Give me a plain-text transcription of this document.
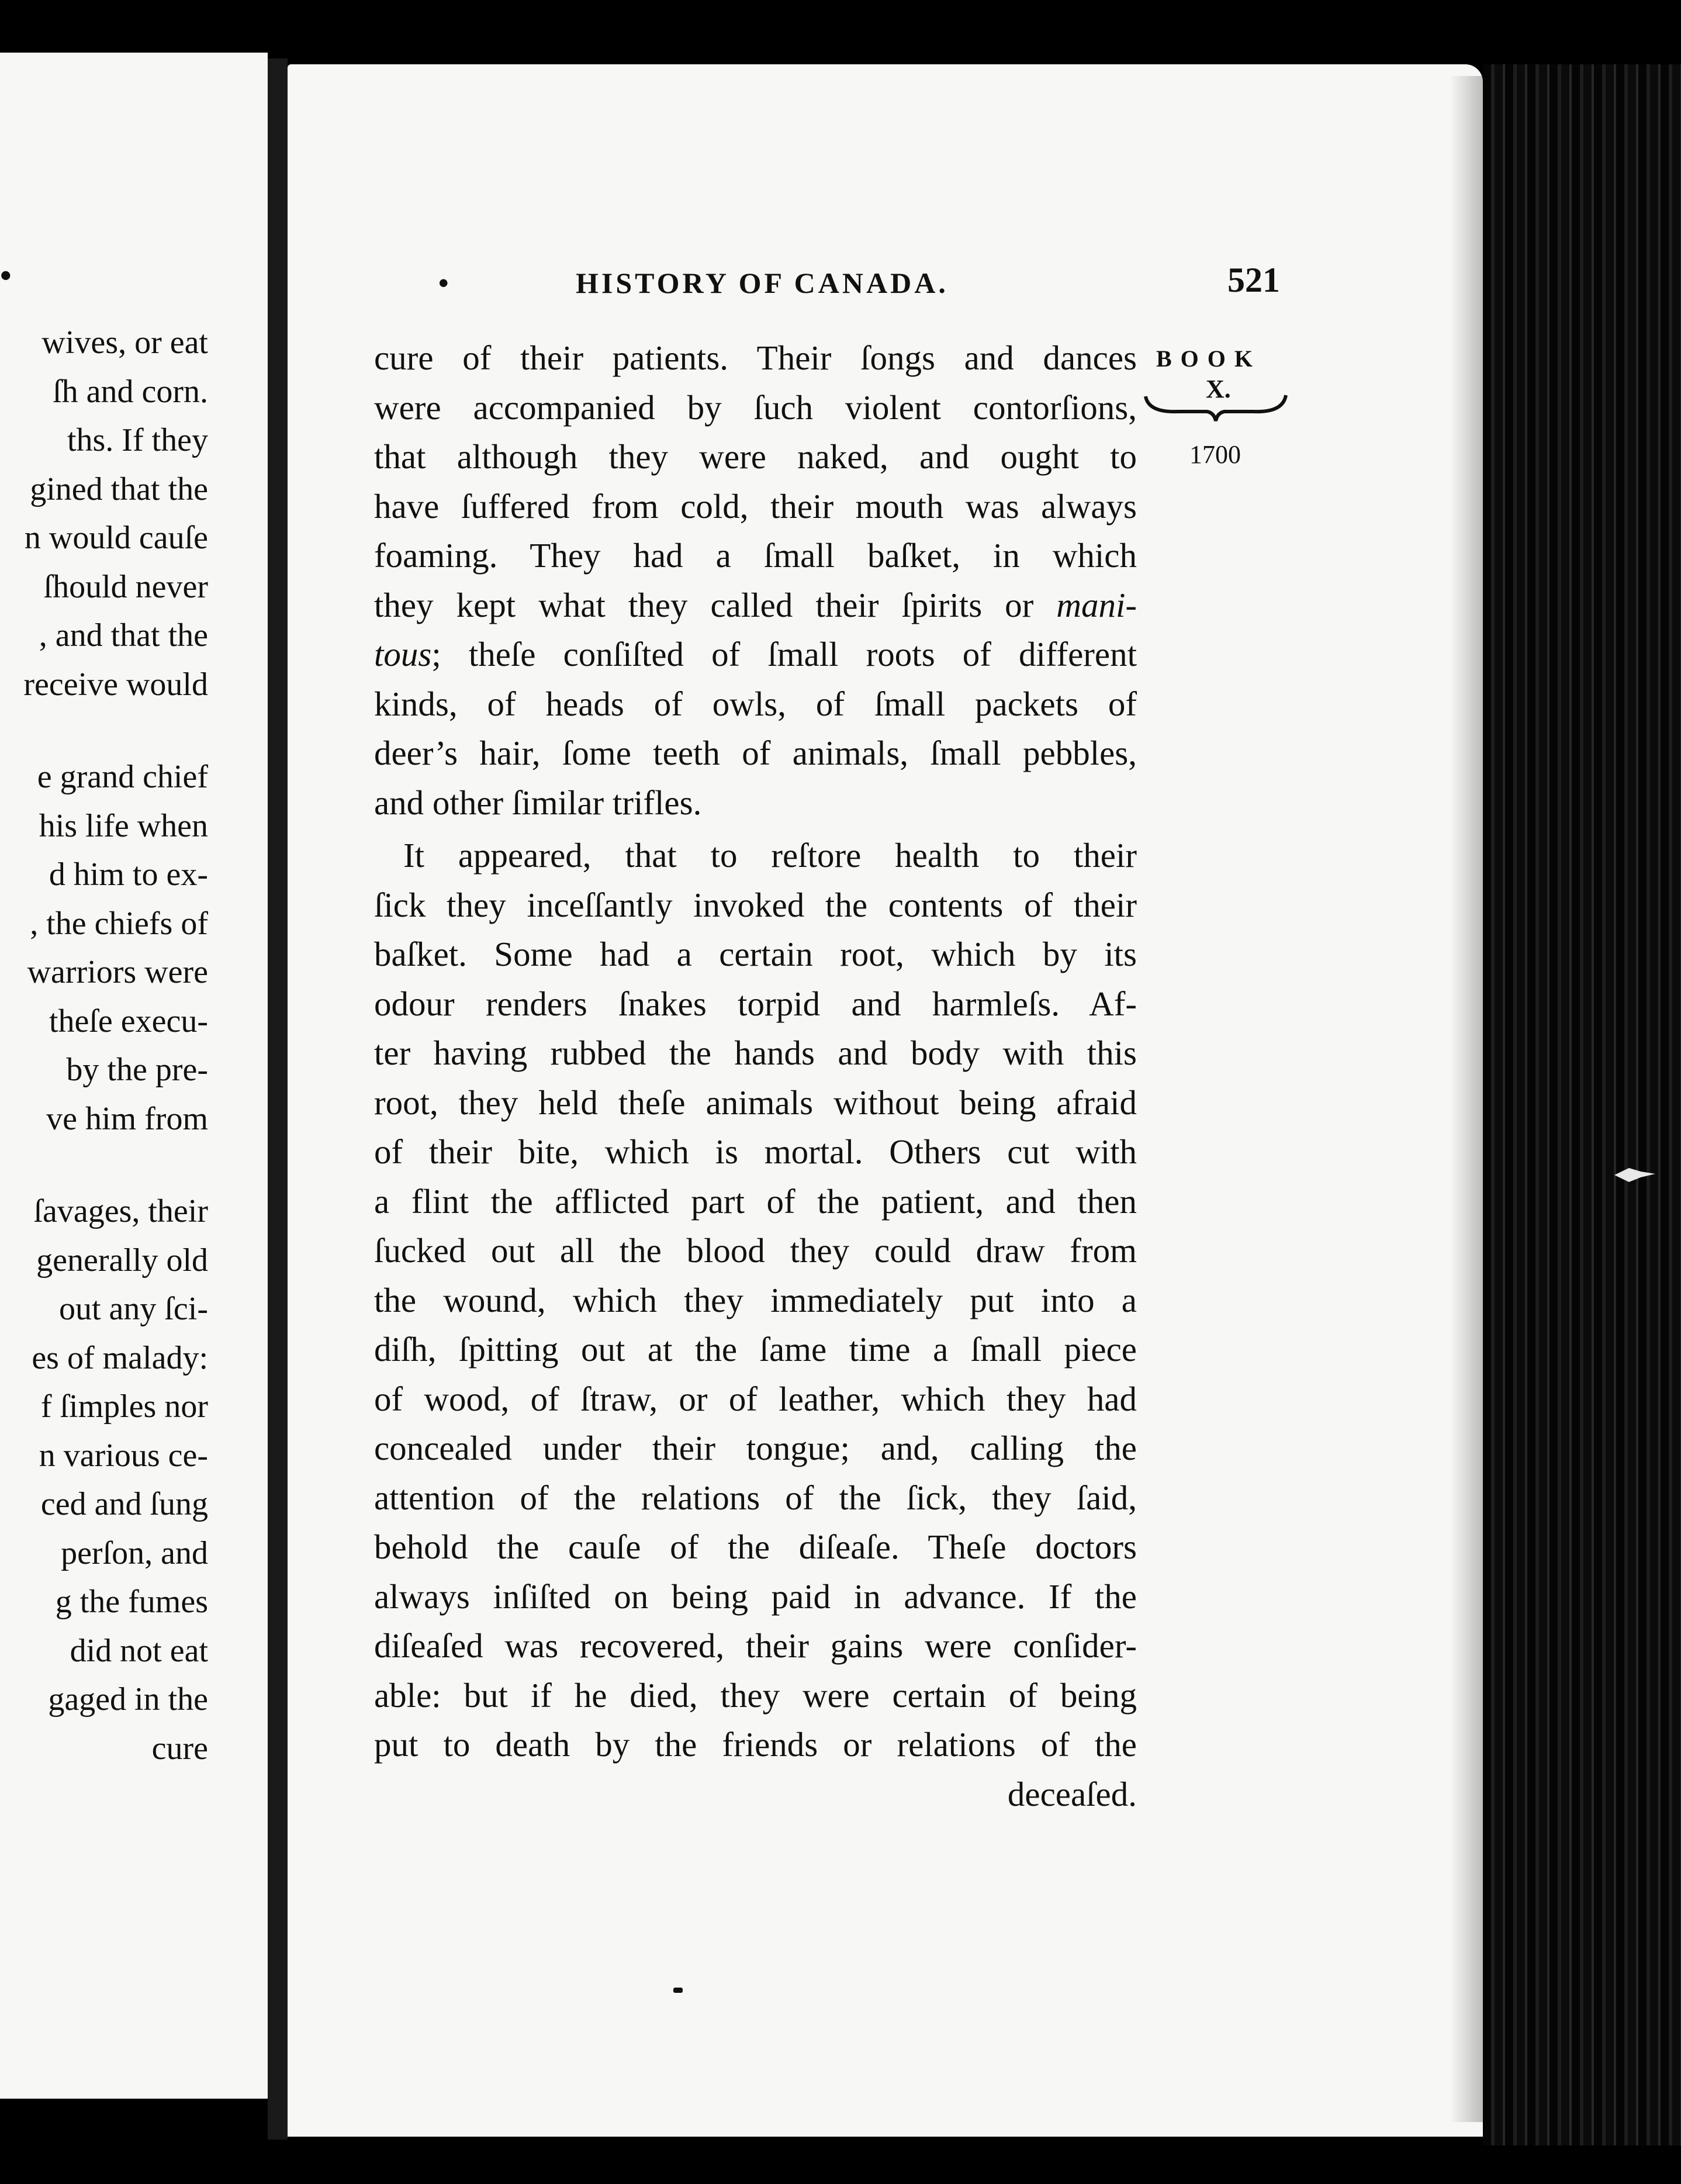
•
wives, or eat
ſh and corn.
ths. If they
gined that the
n would cauſe
ſhould never
, and that the
receive would
e grand chief
his life when
d him to ex-
, the chiefs of
warriors were
theſe execu-
by the pre-
ve him from
ſavages, their
generally old
out any ſci-
es of malady:
f ſimples nor
n various ce-
ced and ſung
perſon, and
g the fumes
did not eat
gaged in the
cure
•	HISTORY OF CANADA.	521
BOOK
X.
1700
cure of their patients. Their ſongs and dances
were accompanied by ſuch violent contorſions,
that although they were naked, and ought to
have ſuffered from cold, their mouth was always
foaming. They had a ſmall baſket, in which
they kept what they called their ſpirits or mani-
tous; theſe conſiſted of ſmall roots of different
kinds, of heads of owls, of ſmall packets of
deer’s hair, ſome teeth of animals, ſmall pebbles,
and other ſimilar trifles.
It appeared, that to reſtore health to their
ſick they inceſſantly invoked the contents of their
baſket. Some had a certain root, which by its
odour renders ſnakes torpid and harmleſs. Af-
ter having rubbed the hands and body with this
root, they held theſe animals without being afraid
of their bite, which is mortal. Others cut with
a flint the afflicted part of the patient, and then
ſucked out all the blood they could draw from
the wound, which they immediately put into a
diſh, ſpitting out at the ſame time a ſmall piece
of wood, of ſtraw, or of leather, which they had
concealed under their tongue; and, calling the
attention of the relations of the ſick, they ſaid,
behold the cauſe of the diſeaſe. Theſe doctors
always inſiſted on being paid in advance. If the
diſeaſed was recovered, their gains were conſider-
able: but if he died, they were certain of being
put to death by the friends or relations of the
deceaſed.
